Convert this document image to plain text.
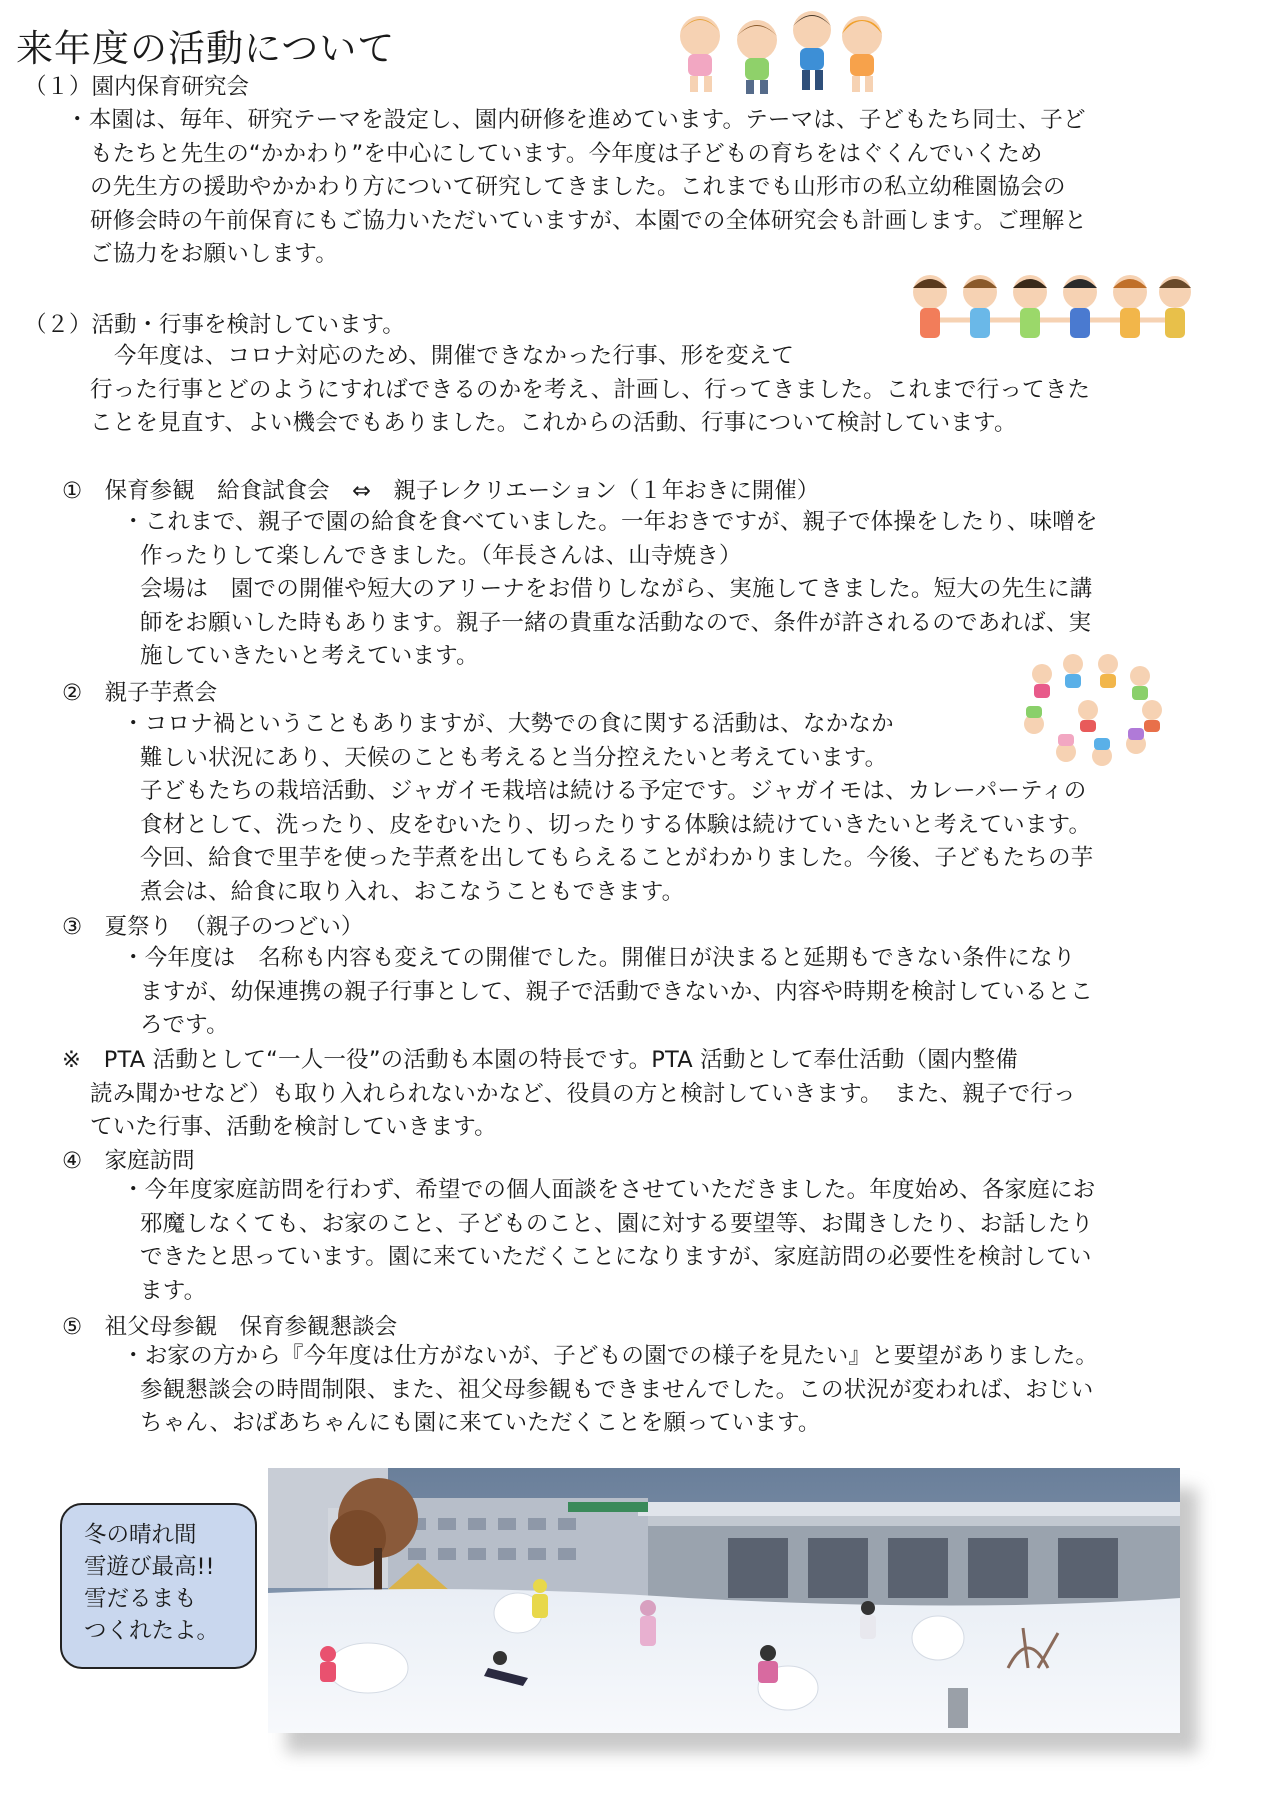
来年度の活動について
（１）園内保育研究会
・本園は、毎年、研究テーマを設定し、園内研修を進めています。テーマは、子どもたち同士、子ど
もたちと先生の“かかわり”を中心にしています。今年度は子どもの育ちをはぐくんでいくため
の先生方の援助やかかわり方について研究してきました。これまでも山形市の私立幼稚園協会の
研修会時の午前保育にもご協力いただいていますが、本園での全体研究会も計画します。ご理解と
ご協力をお願いします。
（２）活動・行事を検討しています。
今年度は、コロナ対応のため、開催できなかった行事、形を変えて
行った行事とどのようにすればできるのかを考え、計画し、行ってきました。これまで行ってきた
ことを見直す、よい機会でもありました。これからの活動、行事について検討しています。
①　保育参観　給食試食会　⇔　親子レクリエーション（１年おきに開催）
・これまで、親子で園の給食を食べていました。一年おきですが、親子で体操をしたり、味噌を
作ったりして楽しんできました。（年長さんは、山寺焼き）
会場は　園での開催や短大のアリーナをお借りしながら、実施してきました。短大の先生に講
師をお願いした時もあります。親子一緒の貴重な活動なので、条件が許されるのであれば、実
施していきたいと考えています。
②　親子芋煮会
・コロナ禍ということもありますが、大勢での食に関する活動は、なかなか
難しい状況にあり、天候のことも考えると当分控えたいと考えています。
子どもたちの栽培活動、ジャガイモ栽培は続ける予定です。ジャガイモは、カレーパーティの
食材として、洗ったり、皮をむいたり、切ったりする体験は続けていきたいと考えています。
今回、給食で里芋を使った芋煮を出してもらえることがわかりました。今後、子どもたちの芋
煮会は、給食に取り入れ、おこなうこともできます。
③　夏祭り　（親子のつどい）
・今年度は　名称も内容も変えての開催でした。開催日が決まると延期もできない条件になり
ますが、幼保連携の親子行事として、親子で活動できないか、内容や時期を検討しているとこ
ろです。
※　PTA 活動として“一人一役”の活動も本園の特長です。PTA 活動として奉仕活動（園内整備
読み聞かせなど）も取り入れられないかなど、役員の方と検討していきます。　また、親子で行っ
ていた行事、活動を検討していきます。
④　家庭訪問
・今年度家庭訪問を行わず、希望での個人面談をさせていただきました。年度始め、各家庭にお
邪魔しなくても、お家のこと、子どものこと、園に対する要望等、お聞きしたり、お話したり
できたと思っています。園に来ていただくことになりますが、家庭訪問の必要性を検討してい
ます。
⑤　祖父母参観　保育参観懇談会
・お家の方から『今年度は仕方がないが、子どもの園での様子を見たい』と要望がありました。
参観懇談会の時間制限、また、祖父母参観もできませんでした。この状況が変われば、おじい
ちゃん、おばあちゃんにも園に来ていただくことを願っています。
冬の晴れ間
雪遊び最高!!
雪だるまも
つくれたよ。
